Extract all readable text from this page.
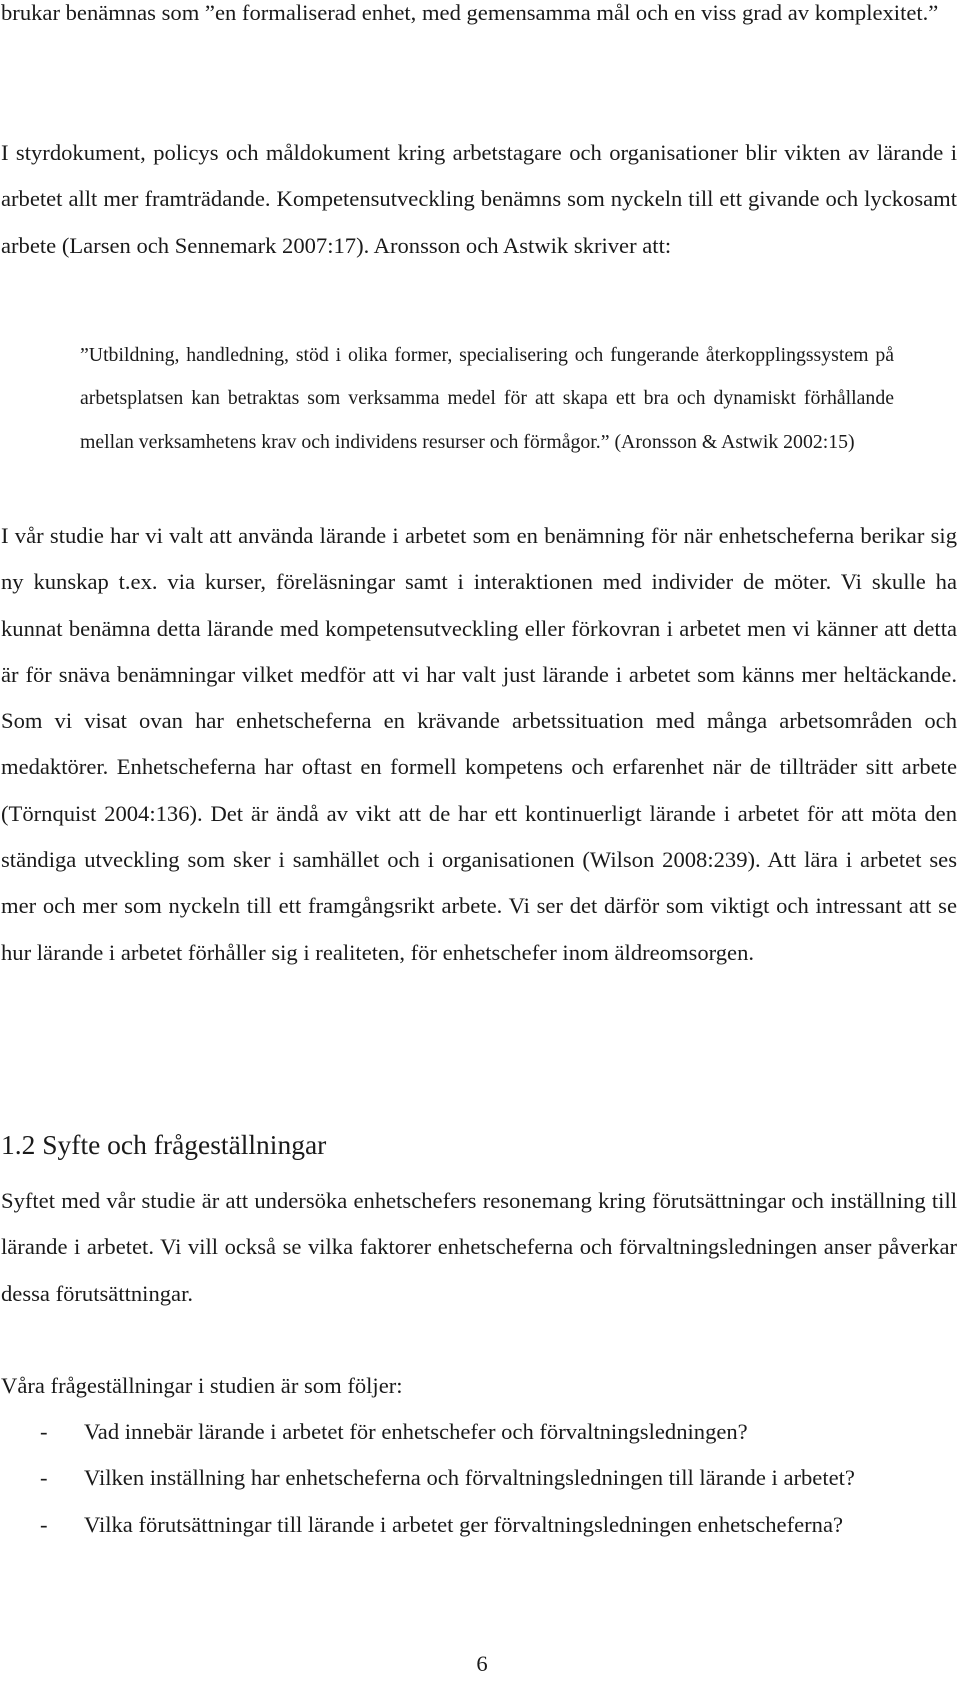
brukar benämnas som ”en formaliserad enhet, med gemensamma mål och en viss grad av komplexitet.”

I styrdokument, policys och måldokument kring arbetstagare och organisationer blir vikten av lärande i arbetet allt mer framträdande. Kompetensutveckling benämns som nyckeln till ett givande och lyckosamt arbete (Larsen och Sennemark 2007:17). Aronsson och Astwik skriver att:

”Utbildning, handledning, stöd i olika former, specialisering och fungerande återkopplingssystem på arbetsplatsen kan betraktas som verksamma medel för att skapa ett bra och dynamiskt förhållande mellan verksamhetens krav och individens resurser och förmågor.” (Aronsson & Astwik 2002:15)

I vår studie har vi valt att använda lärande i arbetet som en benämning för när enhetscheferna berikar sig ny kunskap t.ex. via kurser, föreläsningar samt i interaktionen med individer de möter. Vi skulle ha kunnat benämna detta lärande med kompetensutveckling eller förkovran i arbetet men vi känner att detta är för snäva benämningar vilket medför att vi har valt just lärande i arbetet som känns mer heltäckande. Som vi visat ovan har enhetscheferna en krävande arbetssituation med många arbetsområden och medaktörer. Enhetscheferna har oftast en formell kompetens och erfarenhet när de tillträder sitt arbete (Törnquist 2004:136). Det är ändå av vikt att de har ett kontinuerligt lärande i arbetet för att möta den ständiga utveckling som sker i samhället och i organisationen (Wilson 2008:239). Att lära i arbetet ses mer och mer som nyckeln till ett framgångsrikt arbete. Vi ser det därför som viktigt och intressant att se hur lärande i arbetet förhåller sig i realiteten, för enhetschefer inom äldreomsorgen.

1.2 Syfte och frågeställningar

Syftet med vår studie är att undersöka enhetschefers resonemang kring förutsättningar och inställning till lärande i arbetet. Vi vill också se vilka faktorer enhetscheferna och förvaltningsledningen anser påverkar dessa förutsättningar.

Våra frågeställningar i studien är som följer:

- Vad innebär lärande i arbetet för enhetschefer och förvaltningsledningen?
- Vilken inställning har enhetscheferna och förvaltningsledningen till lärande i arbetet?
- Vilka förutsättningar till lärande i arbetet ger förvaltningsledningen enhetscheferna?
6
